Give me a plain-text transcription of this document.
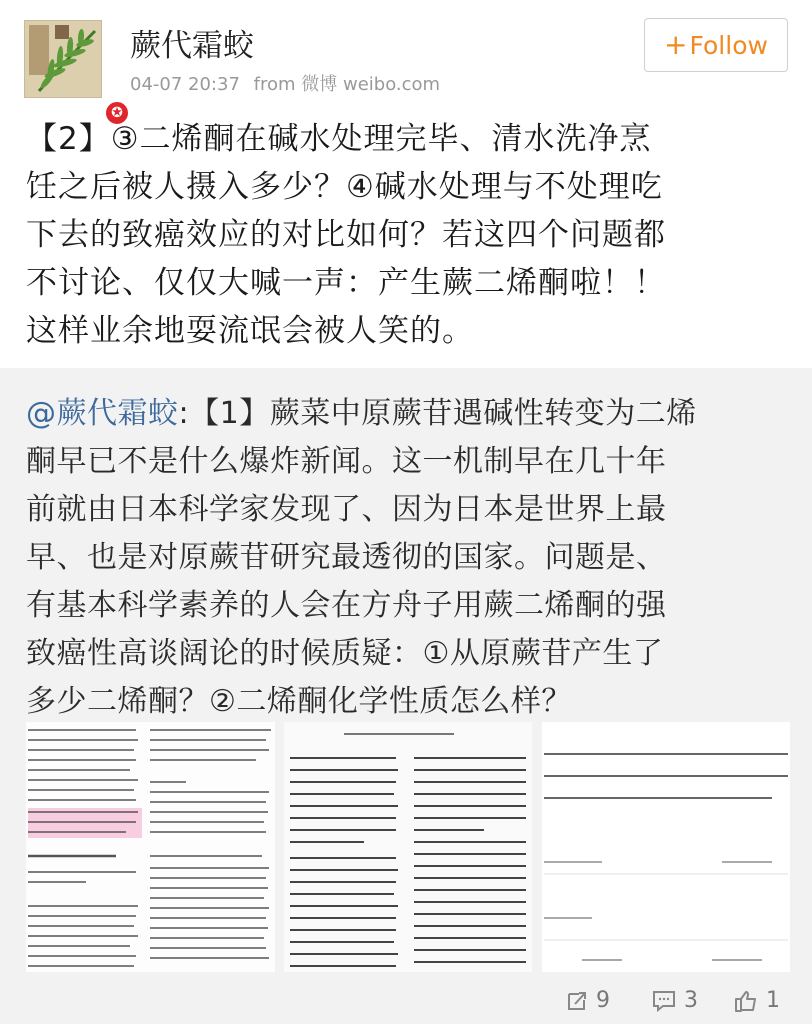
✪
蕨代霜蛟
04-07 20:37 from 微博 weibo.com
+Follow
【2】③二烯酮在碱水处理完毕、清水洗净烹
饪之后被人摄入多少？④碱水处理与不处理吃
下去的致癌效应的对比如何？若这四个问题都
不讨论、仅仅大喊一声：产生蕨二烯酮啦！！
这样业余地耍流氓会被人笑的。
@蕨代霜蛟:【1】蕨菜中原蕨苷遇碱性转变为二烯
酮早已不是什么爆炸新闻。这一机制早在几十年
前就由日本科学家发现了、因为日本是世界上最
早、也是对原蕨苷研究最透彻的国家。问题是、
有基本科学素养的人会在方舟子用蕨二烯酮的强
致癌性高谈阔论的时候质疑：①从原蕨苷产生了
多少二烯酮？②二烯酮化学性质怎么样？
9	3	1
